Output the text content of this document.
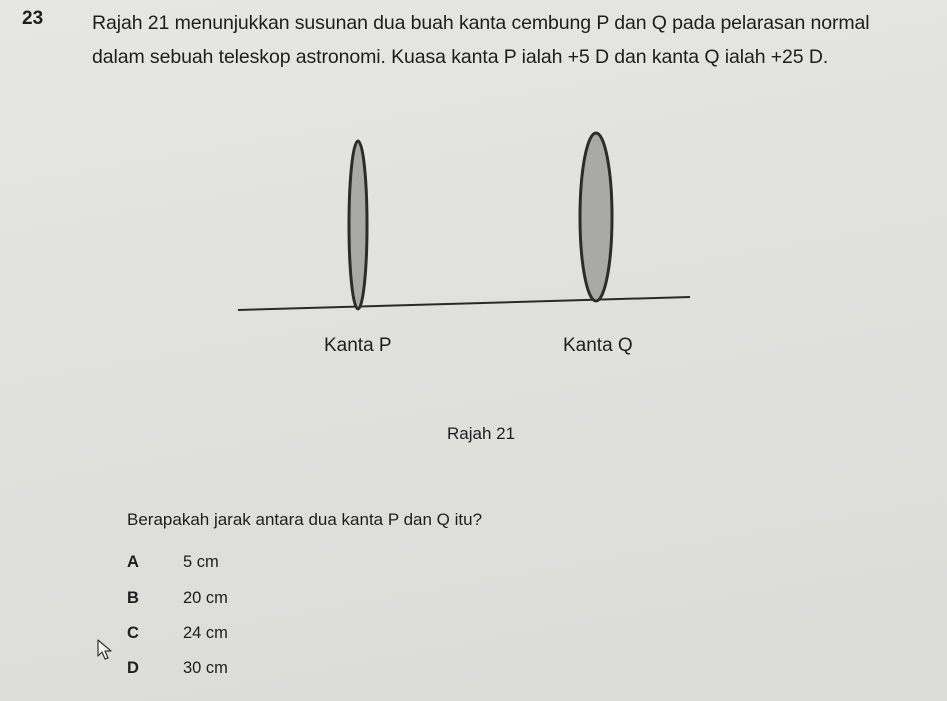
23	Rajah 21 menunjukkan susunan dua buah kanta cembung P dan Q pada pelarasan normal dalam sebuah teleskop astronomi. Kuasa kanta P ialah +5 D dan kanta Q ialah +25 D.
Kanta P	Kanta Q
Rajah 21
Berapakah jarak antara dua kanta P dan Q itu?
A	5 cm
B	20 cm
C	24 cm
D	30 cm
